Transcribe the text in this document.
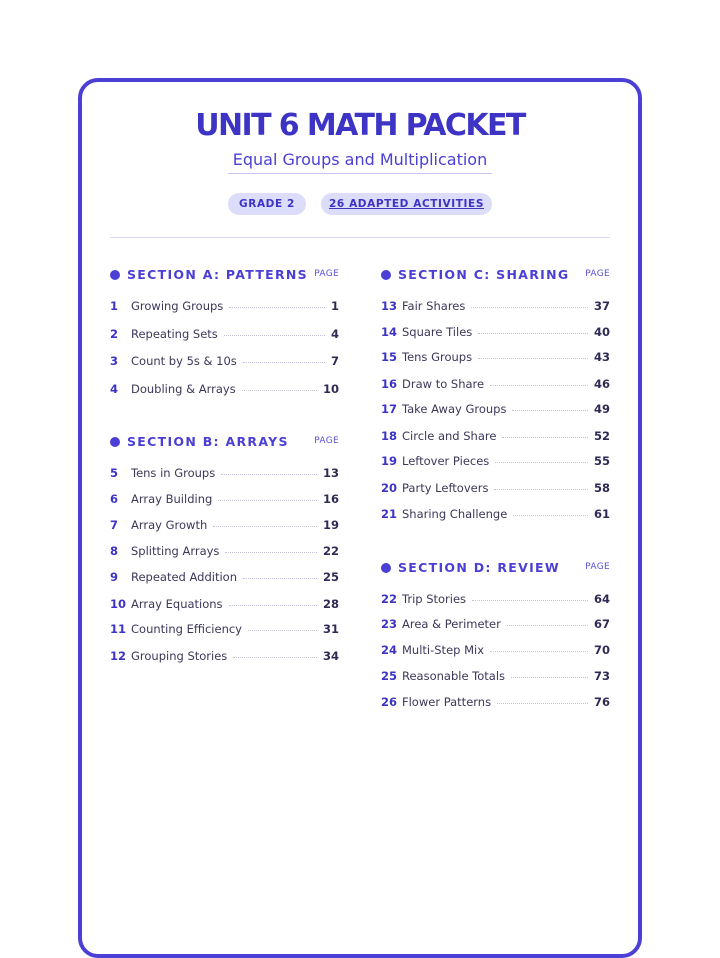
UNIT 6 MATH PACKET
Equal Groups and Multiplication
GRADE 2	26 ADAPTED ACTIVITIES
SECTION A: PATTERNS PAGE
1	Growing Groups	1
2	Repeating Sets	4
3	Count by 5s & 10s	7
4	Doubling & Arrays	10
SECTION B: ARRAYS	PAGE
5	Tens in Groups	13
6	Array Building	16
7	Array Growth	19
8	Splitting Arrays	22
9	Repeated Addition	25
10 Array Equations	28
11 Counting Efficiency	31
12 Grouping Stories	34
SECTION C: SHARING PAGE
13 Fair Shares	37
14 Square Tiles	40
15 Tens Groups	43
16 Draw to Share	46
17 Take Away Groups	49
18 Circle and Share	52
19 Leftover Pieces	55
20 Party Leftovers	58
21 Sharing Challenge	61
SECTION D: REVIEW	PAGE
22 Trip Stories	64
23 Area & Perimeter	67
24 Multi-Step Mix	70
25 Reasonable Totals	73
26 Flower Patterns	76
